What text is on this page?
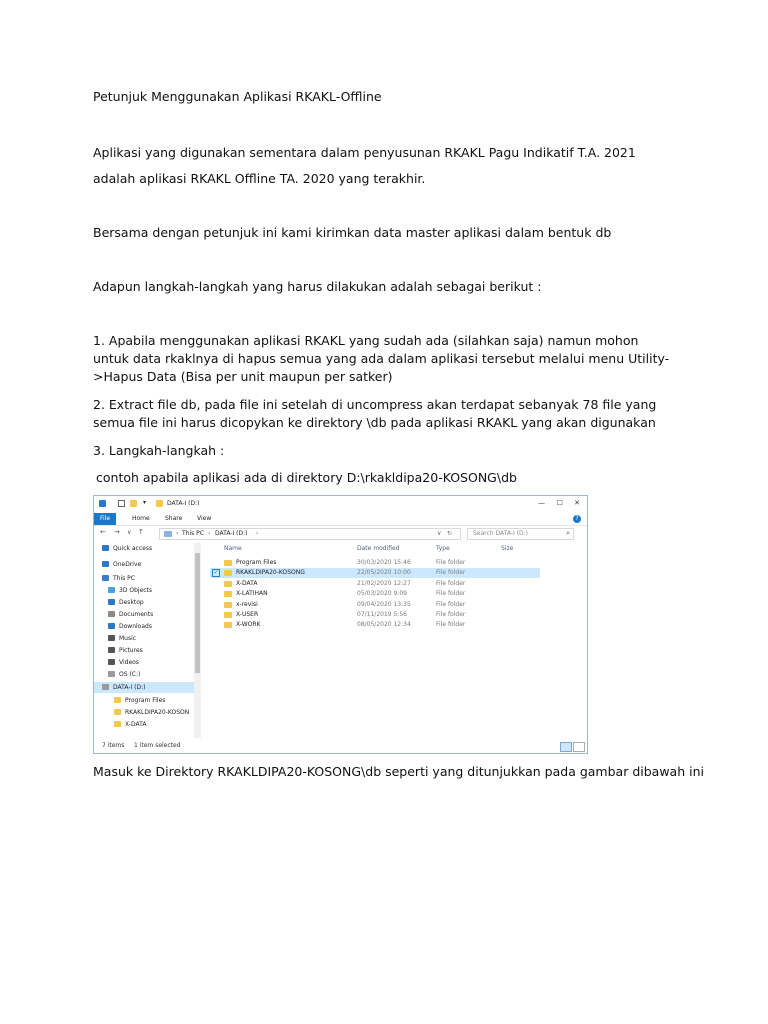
Petunjuk Menggunakan Aplikasi RKAKL-Offline
Aplikasi yang digunakan sementara dalam penyusunan RKAKL Pagu Indikatif T.A. 2021
adalah aplikasi RKAKL Offline TA. 2020 yang terakhir.
Bersama dengan petunjuk ini kami kirimkan data master aplikasi dalam bentuk db
Adapun langkah-langkah yang harus dilakukan adalah sebagai berikut :
1. Apabila menggunakan aplikasi RKAKL yang sudah ada (silahkan saja) namun mohon untuk data rkaklnya di hapus semua yang ada dalam aplikasi tersebut melalui menu Utility->Hapus Data (Bisa per unit maupun per satker)
2. Extract file db, pada file ini setelah di uncompress akan terdapat sebanyak 78 file yang semua file ini harus dicopykan ke direktory \db pada aplikasi RKAKL yang akan digunakan
3. Langkah-langkah :
contoh apabila aplikasi ada di direktory D:\rkakldipa20-KOSONG\db
▾	DATA-I (D:)	— ☐ ✕
File	Home	Share	View	?
← → ∨ ↑	› This PC › DATA-I (D:) ›	∨ ↻	Search DATA-I (D:)	⌕
Quick access
OneDrive
This PC
3D Objects
Desktop
Documents
Downloads
Music
Pictures
Videos
OS (C:)
DATA-I (D:)
Program Files
RKAKLDIPA20-KOSON
X-DATA
Name	Date modified	Type	Size
Program Files	30/03/2020 15:46	File folder
✓	RKAKLDIPA20-KOSONG	22/05/2020 10:00	File folder
X-DATA	21/02/2020 12:27	File folder
X-LATIHAN	05/03/2020 9:09	File folder
x-revisi	09/04/2020 13:35	File folder
X-USER	07/11/2019 5:56	File folder
X-WORK	08/05/2020 12:34	File folder
7 items 1 item selected
Masuk ke Direktory RKAKLDIPA20-KOSONG\db seperti yang ditunjukkan pada gambar dibawah ini
